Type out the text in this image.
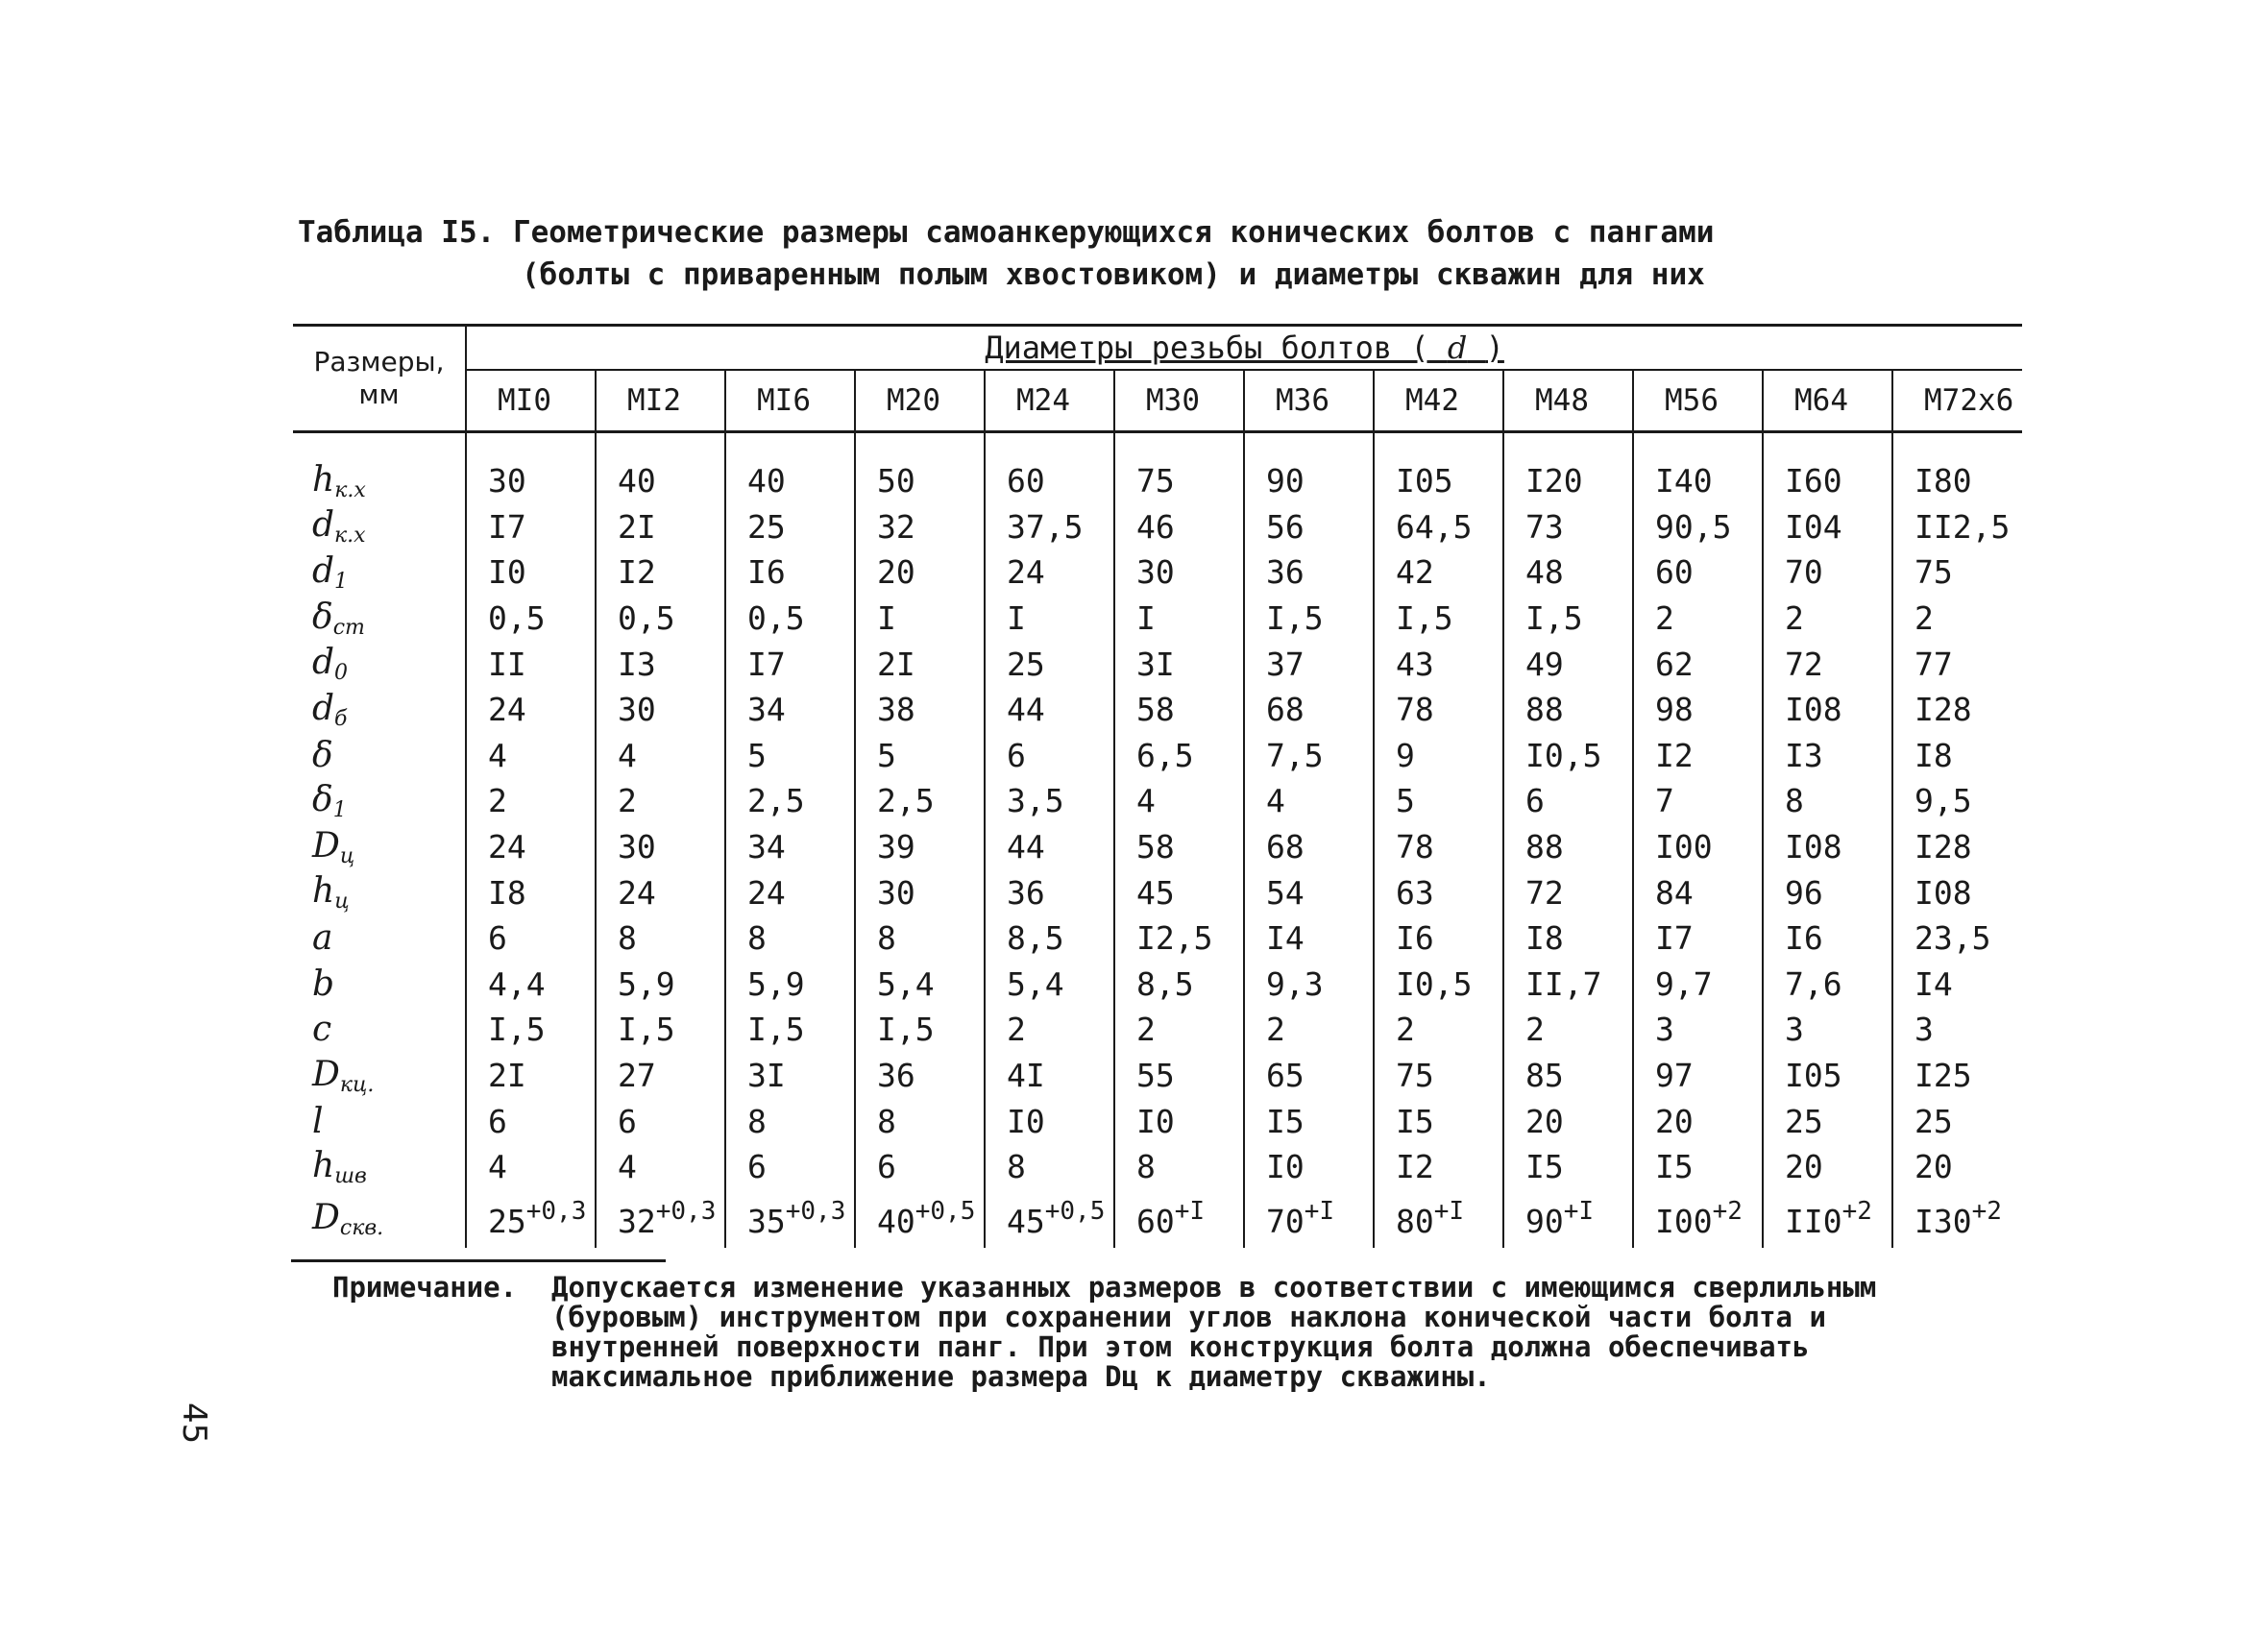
Таблица I5. Геометрические размеры самоанкерующихся конических болтов с пангами
(болты с приваренным полым хвостовиком) и диаметры скважин для них
Размеры,
мм	Диаметры резьбы болтов ( d )											
	MI0	MI2	MI6	M20	M24	M30	M36	M42	M48	M56	M64	M72x6
$h_{к.х}$	30	40	40	50	60	75	90	I05	I20	I40	I60	I80
$d_{к.х}$	I7	2I	25	32	37,5	46	56	64,5	73	90,5	I04	II2,5
$d_1$	I0	I2	I6	20	24	30	36	42	48	60	70	75
$\delta_{ст}$	0,5	0,5	0,5	I	I	I	I,5	I,5	I,5	2	2	2
$d_0$	II	I3	I7	2I	25	3I	37	43	49	62	72	77
$d_б$	24	30	34	38	44	58	68	78	88	98	I08	I28
δ	4	4	5	5	6	6,5	7,5	9	I0,5	I2	I3	I8
$\delta_1$	2	2	2,5	2,5	3,5	4	4	5	6	7	8	9,5
$D_ц$	24	30	34	39	44	58	68	78	88	I00	I08	I28
$h_ц$	I8	24	24	30	36	45	54	63	72	84	96	I08
a	6	8	8	8	8,5	I2,5	I4	I6	I8	I7	I6	23,5
b	4,4	5,9	5,9	5,4	5,4	8,5	9,3	I0,5	II,7	9,7	7,6	I4
c	I,5	I,5	I,5	I,5	2	2	2	2	2	3	3	3
$D_{кц.}$	2I	27	3I	36	4I	55	65	75	85	97	I05	I25
l	6	6	8	8	I0	I0	I5	I5	20	20	25	25
$h_{шв}$	4	4	6	6	8	8	I0	I2	I5	I5	20	20
$D_{скв.}$	$25^{+0,3}$	$32^{+0,3}$	$35^{+0,3}$	$40^{+0,5}$	$45^{+0,5}$	$60^{+I}$	$70^{+I}$	$80^{+I}$	$90^{+I}$	$I00^{+2}$	$II0^{+2}$	$I30^{+2}$
Примечание. Допускается изменение указанных размеров в соответствии с имеющимся сверлильным (буровым) инструментом при сохранении углов наклона конической части болта и
внутренней поверхности панг. При этом конструкция болта должна обеспечивать
максимальное приближение размера Dц к диаметру скважины.
45
